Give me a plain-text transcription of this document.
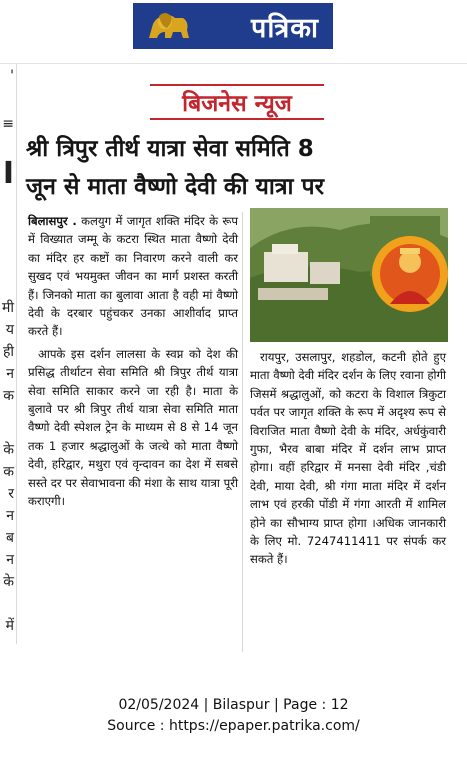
पत्रिका
'
≡
I
मी
य
ही
न
क
के
क
र
न
ब
न
के
में
बिजनेस न्यूज
श्री त्रिपुर तीर्थ यात्रा सेवा समिति 8
जून से माता वैष्णो देवी की यात्रा पर
बिलासपुर . कलयुग में जागृत शक्ति मंदिर के रूप में विख्यात जम्मू के कटरा स्थित माता वैष्णो देवी का मंदिर हर कष्टों का निवारण करने वाली कर सुखद एवं भयमुक्त जीवन का मार्ग प्रशस्त करती हैं। जिनको माता का बुलावा आता है वही मां वैष्णो देवी के दरबार पहुंचकर उनका आशीर्वाद प्राप्त करते हैं।
आपके इस दर्शन लालसा के स्वप्न को देश की प्रसिद्ध तीर्थाटन सेवा समिति श्री त्रिपुर तीर्थ यात्रा सेवा समिति साकार करने जा रही है। माता के बुलावे पर श्री त्रिपुर तीर्थ यात्रा सेवा समिति माता वैष्णो देवी स्पेशल ट्रेन के माध्यम से 8 से 14 जून तक 1 हजार श्रद्धालुओं के जत्थे को माता वैष्णो देवी, हरिद्वार, मथुरा एवं वृन्दावन का देश में सबसे सस्ते दर पर सेवाभावना की मंशा के साथ यात्रा पूरी कराएगी।
रायपुर, उसलापुर, शहडोल, कटनी होते हुए माता वैष्णो देवी मंदिर दर्शन के लिए रवाना होगी जिसमें श्रद्धालुओं, को कटरा के विशाल त्रिकुटा पर्वत पर जागृत शक्ति के रूप में अदृश्य रूप से विराजित माता वैष्णो देवी के मंदिर, अर्धकुंवारी गुफा, भैरव बाबा मंदिर में दर्शन लाभ प्राप्त होगा। वहीं हरिद्वार में मनसा देवी मंदिर ,चंडी देवी, माया देवी, श्री गंगा माता मंदिर में दर्शन लाभ एवं हरकी पोंडी में गंगा आरती में शामिल होने का सौभाग्य प्राप्त होगा ।अधिक जानकारी के लिए मो. 7247411411 पर संपर्क कर सकते हैं।
02/05/2024 | Bilaspur | Page : 12
Source : https://epaper.patrika.com/
